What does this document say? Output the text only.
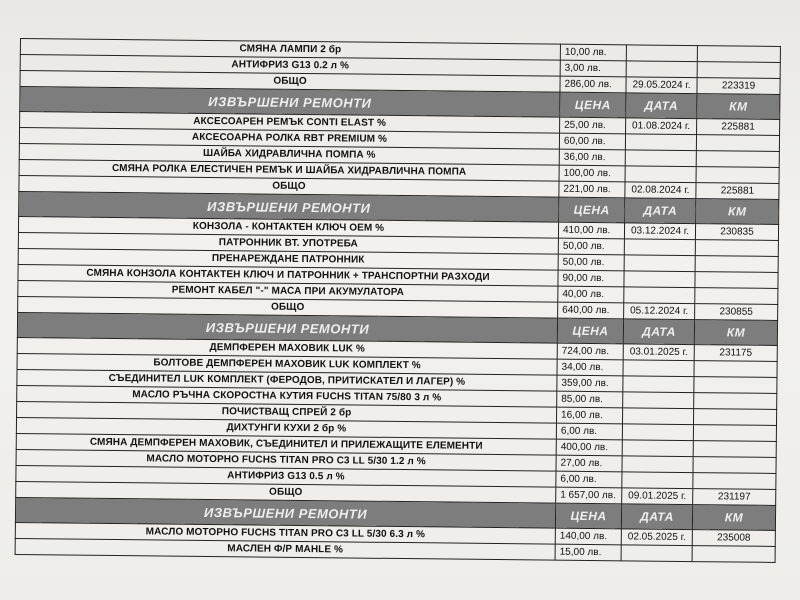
СМЯНА ЛАМПИ 2 бр	10,00 лв.		
АНТИФРИЗ G13 0.2 л %	3,00 лв.		
ОБЩО	286,00 лв.	29.05.2024 г.	223319
ИЗВЪРШЕНИ РЕМОНТИ	ЦЕНА	ДАТА	КМ
АКСЕСОАРЕН РЕМЪК CONTI ELAST %	25,00 лв.	01.08.2024 г.	225881
АКСЕСОАРНА РОЛКА RBT PREMIUM %	60,00 лв.		
ШАЙБА ХИДРАВЛИЧНА ПОМПА %	36,00 лв.		
СМЯНА РОЛКА ЕЛЕСТИЧЕН РЕМЪК И ШАЙБА ХИДРАВЛИЧНА ПОМПА	100,00 лв.		
ОБЩО	221,00 лв.	02.08.2024 г.	225881
ИЗВЪРШЕНИ РЕМОНТИ	ЦЕНА	ДАТА	КМ
КОНЗОЛА - КОНТАКТЕН КЛЮЧ ОЕМ %	410,00 лв.	03.12.2024 г.	230835
ПАТРОННИК ВТ. УПОТРЕБА	50,00 лв.		
ПРЕНАРЕЖДАНЕ ПАТРОННИК	50,00 лв.		
СМЯНА КОНЗОЛА КОНТАКТЕН КЛЮЧ И ПАТРОННИК + ТРАНСПОРТНИ РАЗХОДИ	90,00 лв.		
РЕМОНТ КАБЕЛ "-" МАСА ПРИ АКУМУЛАТОРА	40,00 лв.		
ОБЩО	640,00 лв.	05.12.2024 г.	230855
ИЗВЪРШЕНИ РЕМОНТИ	ЦЕНА	ДАТА	КМ
ДЕМПФЕРЕН МАХОВИК LUK %	724,00 лв.	03.01.2025 г.	231175
БОЛТОВЕ ДЕМПФЕРЕН МАХОВИК LUK КОМПЛЕКТ %	34,00 лв.		
СЪЕДИНИТЕЛ LUK КОМПЛЕКТ (ФЕРОДОВ, ПРИТИСКАТЕЛ И ЛАГЕР) %	359,00 лв.		
МАСЛО РЪЧНА СКОРОСТНА КУТИЯ FUCHS TITAN 75/80 3 л %	85,00 лв.		
ПОЧИСТВАЩ СПРЕЙ 2 бр	16,00 лв.		
ДИХТУНГИ КУХИ 2 бр %	6,00 лв.		
СМЯНА ДЕМПФЕРЕН МАХОВИК, СЪЕДИНИТЕЛ И ПРИЛЕЖАЩИТЕ ЕЛЕМЕНТИ	400,00 лв.		
МАСЛО МОТОРНО FUCHS TITAN PRO C3 LL 5/30 1.2 л %	27,00 лв.		
АНТИФРИЗ G13 0.5 л %	6,00 лв.		
ОБЩО	1 657,00 лв.	09.01.2025 г.	231197
ИЗВЪРШЕНИ РЕМОНТИ	ЦЕНА	ДАТА	КМ
МАСЛО МОТОРНО FUCHS TITAN PRO C3 LL 5/30 6.3 л %	140,00 лв.	02.05.2025 г.	235008
МАСЛЕН Ф/Р MAHLE %	15,00 лв.		
